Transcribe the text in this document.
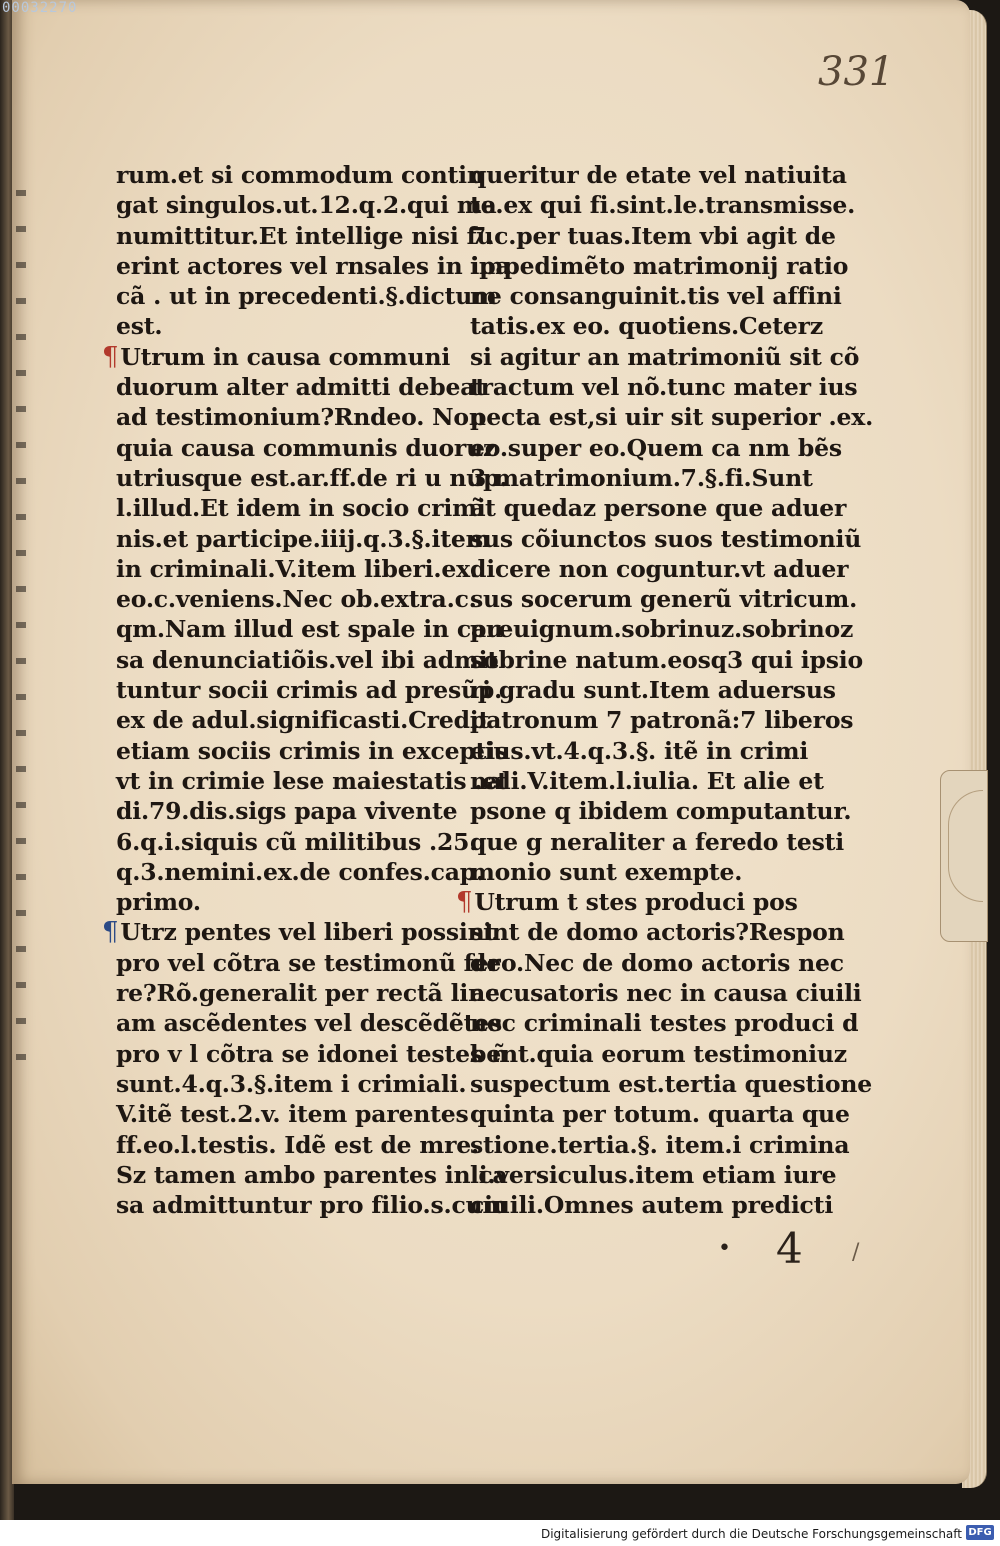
00032270
331
rum.et si commodum contin
gat singulos.ut.12.q.2.qui ma
numittitur.Et intellige nisi fu
erint actores vel rnsales in ipa
cã . ut in precedenti.§.dictum
est.
¶Utrum in causa communi
duorum alter admitti debeat
ad testimonium?Rndeo. Non
quia causa communis duoruz
utriusque est.ar.ff.de ri u nup.
l.illud.Et idem in socio crimi
nis.et participe.iiij.q.3.§.item
in criminali.V.item liberi.ex.
eo.c.veniens.Nec ob.extra.c.
qm.Nam illud est spale in cau
sa denunciatiõis.vel ibi admit
tuntur socii crimis ad presũp.
ex de adul.significasti.Credit
etiam sociis crimis in exceptis
vt in crimie lese maiestatis .et
di.79.dis.sigs papa vivente
6.q.i.siquis cũ militibus .25.
q.3.nemini.ex.de confes.cap.
primo.
¶Utrz pentes vel liberi possint
pro vel cõtra se testimonũ fer
re?Rõ.generalit per rectã line
am ascẽdentes vel descẽdẽtes
pro v l cõtra se idonei testes ñ
sunt.4.q.3.§.item i crimiali.
V.itẽ test.2.v. item parentes
ff.eo.l.testis. Idẽ est de mre.
Sz tamen ambo parentes in ca
sa admittuntur pro filio.s.cum
queritur de etate vel natiuita
te.ex qui fi.sint.le.transmisse.
7.c.per tuas.Item vbi agit de
impedimẽto matrimonij ratio
ne consanguinit.tis vel affini
tatis.ex eo. quotiens.Ceterz
si agitur an matrimoniũ sit cõ
tractum vel nõ.tunc mater ius
pecta est,si uir sit superior .ex.
eo.super eo.Quem ca nm bẽs
3 matrimonium.7.§.fi.Sunt
ãt quedaz persone que aduer
sus cõiunctos suos testimoniũ
dicere non coguntur.vt aduer
sus socerum generũ vitricum.
preuignum.sobrinuz.sobrinoz
sobrine natum.eosq3 qui ipsio
ri gradu sunt.Item aduersus
patronum 7 patronã:7 liberos
eius.vt.4.q.3.§. itẽ in crimi
nali.V.item.l.iulia. Et alie et
psone q ibidem computantur.
que g neraliter a feredo testi
monio sunt exempte.
¶Utrum t stes produci pos
sint de domo actoris?Respon
deo.Nec de domo actoris nec
accusatoris nec in causa ciuili
nec criminali testes produci d
bent.quia eorum testimoniuz
suspectum est.tertia questione
quinta per totum. quarta que
stione.tertia.§. item.i crimina
li.versiculus.item etiam iure
ciuili.Omnes autem predicti
• 4 /
Digitalisierung gefördert durch die Deutsche Forschungsgemeinschaft DFG
